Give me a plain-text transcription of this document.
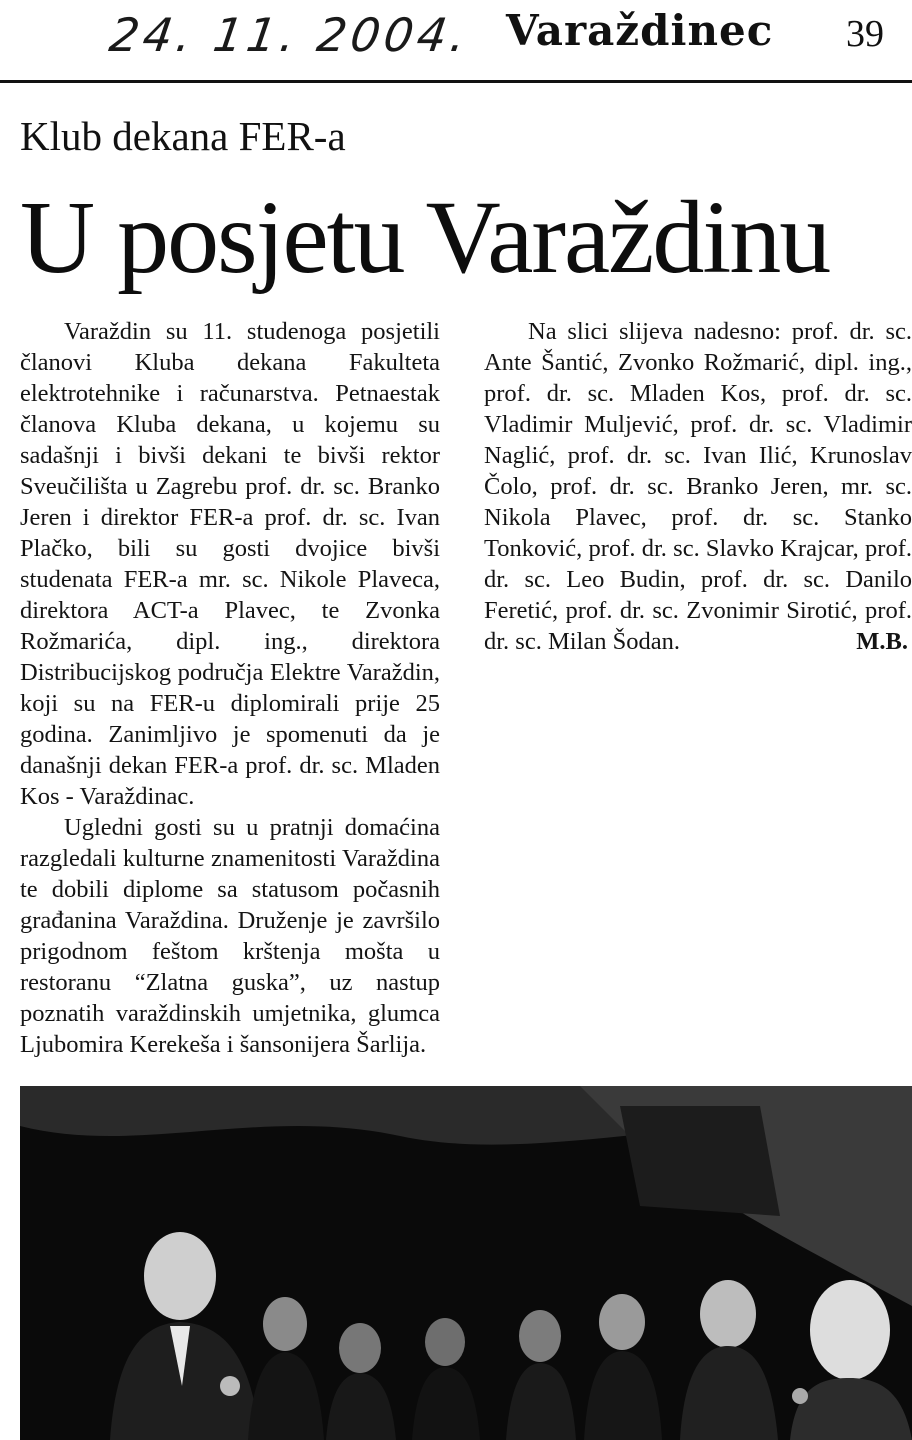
24. 11. 2004. Varaždinec 39
Klub dekana FER-a
U posjetu Varaždinu

Varaždin su 11. studenoga posjetili članovi Kluba dekana Fakulteta elektrotehnike i računarstva. Petnaestak članova Kluba dekana, u kojemu su sadašnji i bivši dekani te bivši rektor Sveučilišta u Zagrebu prof. dr. sc. Branko Jeren i direktor FER-a prof. dr. sc. Ivan Plačko, bili su gosti dvojice bivši studenata FER-a mr. sc. Nikole Plaveca, direktora ACT-a Plavec, te Zvonka Rožmarića, dipl. ing., direktora Distribucijskog područja Elektre Varaždin, koji su na FER-u diplomirali prije 25 godina. Zanimljivo je spomenuti da je današnji dekan FER-a prof. dr. sc. Mladen Kos - Varaždinac.

Ugledni gosti su u pratnji domaćina razgledali kulturne znamenitosti Varaždina te dobili diplome sa statusom počasnih građanina Varaždina. Druženje je završilo prigodnom feštom krštenja mošta u restoranu “Zlatna guska”, uz nastup poznatih varaždinskih umjetnika, glumca Ljubomira Kerekeša i šansonijera Šarlija.

Na slici slijeva nadesno: prof. dr. sc. Ante Šantić, Zvonko Rožmarić, dipl. ing., prof. dr. sc. Mladen Kos, prof. dr. sc. Vladimir Muljević, prof. dr. sc. Vladimir Naglić, prof. dr. sc. Ivan Ilić, Krunoslav Čolo, prof. dr. sc. Branko Jeren, mr. sc. Nikola Plavec, prof. dr. sc. Stanko Tonković, prof. dr. sc. Slavko Krajcar, prof. dr. sc. Leo Budin, prof. dr. sc. Danilo Feretić, prof. dr. sc. Zvonimir Sirotić, prof. dr. sc. Milan Šodan.	M.B.
